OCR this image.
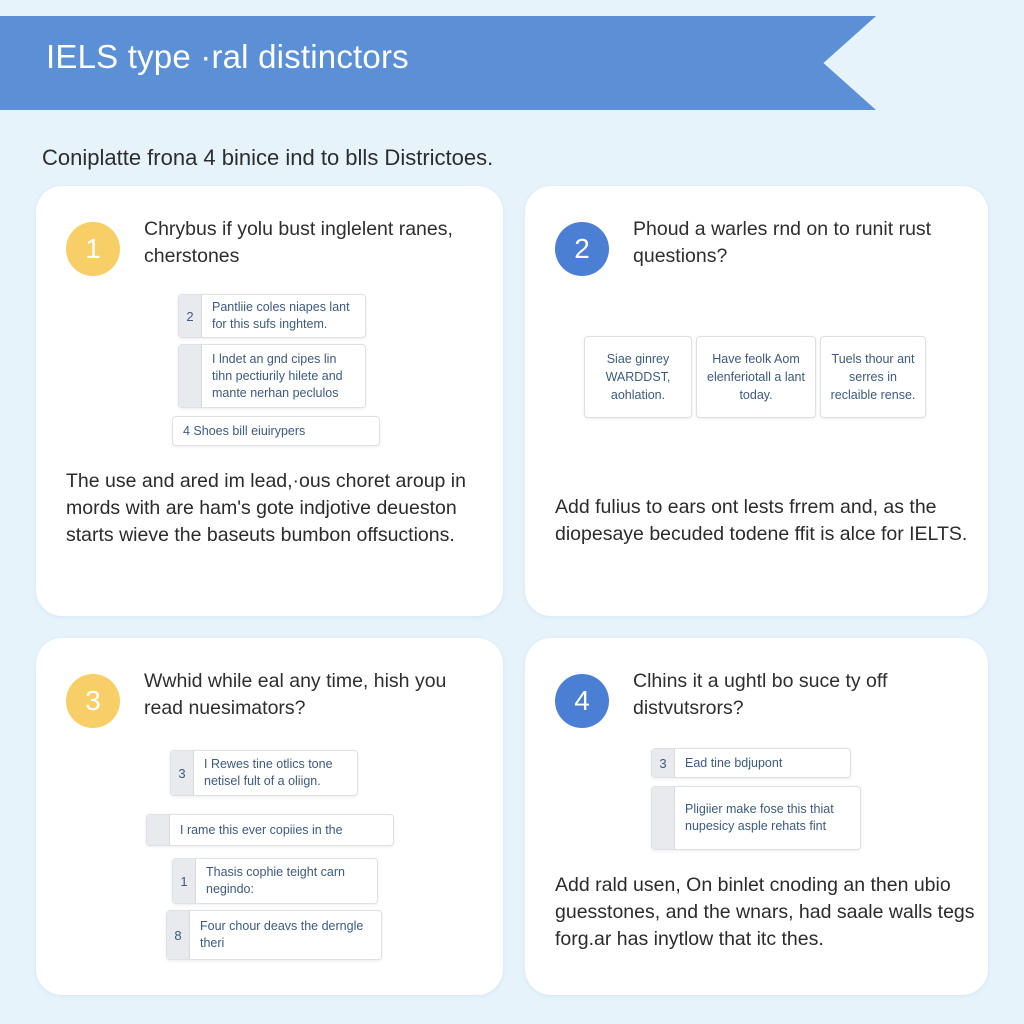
IELS type ·ral distinctors
Coniplatte frona 4 binice ind to blls Districtoes.
1
Chrybus if yolu bust inglelent ranes, cherstones
2
Pantliie coles niapes lant for this sufs inghtem.
I lndet an gnd cipes lin tihn pectiurily hilete and mante nerhan peclulos
4 Shoes bill eiuirypers
The use and ared im lead,·ous choret aroup in mords with are ham's gote indjotive deueston starts wieve the baseuts bumbon offsuctions.
2
Phoud a warles rnd on to runit rust questions?
Siae ginrey WARDDST, aohlation.
Have feolk Aom elenferiotall a lant today.
Tuels thour ant serres in reclaible rense.
Add fulius to ears ont lests frrem and, as the diopesaye becuded todene ffit is alce for IELTS.
3
Wwhid while eal any time, hish you read nuesimators?
3
I Rewes tine otlics tone netisel fult of a oliign.
I rame this ever copiies in the
1
Thasis cophie teight carn negindo:
8
Four chour deavs the derngle theri
4
Clhins it a ughtl bo suce ty off distvutsrors?
3	Ead tine bdjupont
Pligiier make fose this thiat nupesicy asple rehats fint
Add rald usen, On binlet cnoding an then ubio guesstones, and the wnars, had saale walls tegs forg.ar has inytlow that itc thes.
